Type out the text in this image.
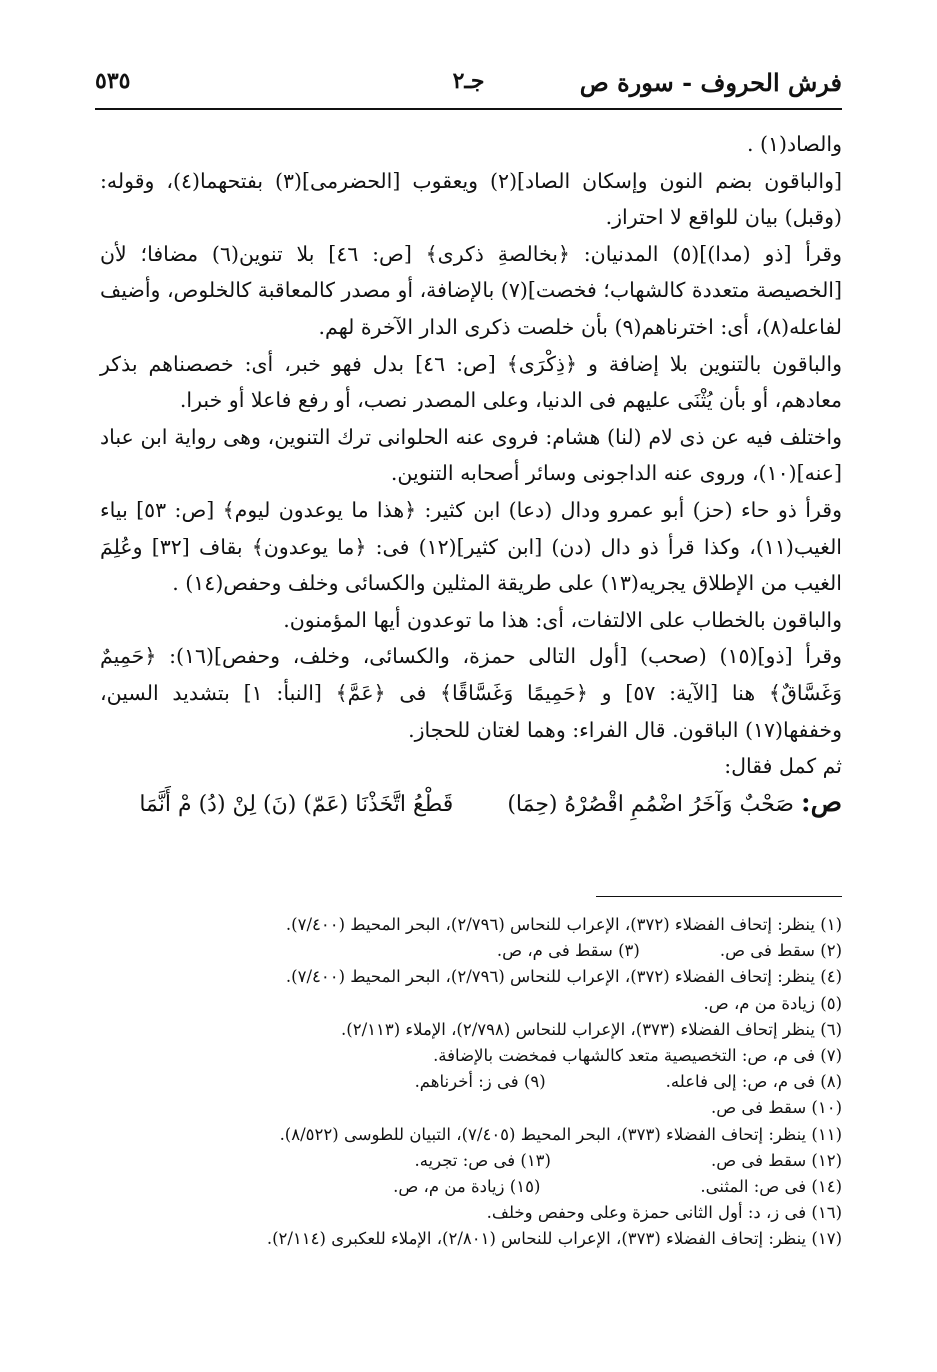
فرش الحروف - سورة ص
جـ٢
٥٣٥

والصاد(١) .

[والباقون بضم النون وإسكان الصاد](٢) ويعقوب [الحضرمى](٣) بفتحهما(٤)، وقوله: (وقبل) بيان للواقع لا احتراز.

وقرأ [ذو (مدا)](٥) المدنيان: ﴿بخالصةِ ذكرى﴾ [ص: ٤٦] بلا تنوين(٦) مضافا؛ لأن [الخصيصة متعددة كالشهاب؛ فخصت](٧) بالإضافة، أو مصدر كالمعاقبة كالخلوص، وأضيف لفاعله(٨)، أى: اخترناهم(٩) بأن خلصت ذكرى الدار الآخرة لهم.

والباقون بالتنوين بلا إضافة و ﴿ذِكْرَى﴾ [ص: ٤٦] بدل فهو خبر، أى: خصصناهم بذكر معادهم، أو بأن يُثْنَى عليهم فى الدنيا، وعلى المصدر نصب، أو رفع فاعلا أو خبرا.

واختلف فيه عن ذى لام (لنا) هشام: فروى عنه الحلوانى ترك التنوين، وهى رواية ابن عباد [عنه](١٠)، وروى عنه الداجونى وسائر أصحابه التنوين.

وقرأ ذو حاء (حز) أبو عمرو ودال (دعا) ابن كثير: ﴿هذا ما يوعدون ليوم﴾ [ص: ٥٣] بياء الغيب(١١)، وكذا قرأ ذو دال (دن) [ابن كثير](١٢) فى: ﴿ما يوعدون﴾ بقاف [٣٢] وعُلِمَ الغيب من الإطلاق يجريه(١٣) على طريقة المثلين والكسائى وخلف وحفص(١٤) .

والباقون بالخطاب على الالتفات، أى: هذا ما توعدون أيها المؤمنون.

وقرأ [ذو](١٥) (صحب) [أول التالى حمزة، والكسائى، وخلف، وحفص](١٦): ﴿حَمِيمٌ وَغَسَّاقٌ﴾ هنا [الآية: ٥٧] و ﴿حَمِيمًا وَغَسَّاقًا﴾ فى ﴿عَمَّ﴾ [النبأ: ١] بتشديد السين، وخففها(١٧) الباقون. قال الفراء: وهما لغتان للحجاز.

ثم كمل فقال:

ص: صَحْبٌ وَآخَرُ اضْمُمِ اقْصُرْهُ (حِمَا)  قَطْعُ اتَّخَذْنَا (عَمّ) (نَ) لِنْ (دُ) مْ أَنَّمَا

(١) ينظر: إتحاف الفضلاء (٣٧٢)، الإعراب للنحاس (٢/٧٩٦)، البحر المحيط (٧/٤٠٠).
(٢) سقط فى ص.(٣) سقط فى م، ص.
(٤) ينظر: إتحاف الفضلاء (٣٧٢)، الإعراب للنحاس (٢/٧٩٦)، البحر المحيط (٧/٤٠٠).
(٥) زيادة من م، ص.
(٦) ينظر إتحاف الفضلاء (٣٧٣)، الإعراب للنحاس (٢/٧٩٨)، الإملاء (٢/١١٣).
(٧) فى م، ص: التخصيصية متعد كالشهاب فمخضت بالإضافة.
(٨) فى م، ص: إلى فاعله.(٩) فى ز: أخرناهم.
(١٠) سقط فى ص.
(١١) ينظر: إتحاف الفضلاء (٣٧٣)، البحر المحيط (٧/٤٠٥)، التبيان للطوسى (٨/٥٢٢).
(١٢) سقط فى ص.(١٣) فى ص: تجريه.
(١٤) فى ص: المثنى.(١٥) زيادة من م، ص.
(١٦) فى ز، د: أول الثانى حمزة وعلى وحفص وخلف.
(١٧) ينظر: إتحاف الفضلاء (٣٧٣)، الإعراب للنحاس (٢/٨٠١)، الإملاء للعكبرى (٢/١١٤).
